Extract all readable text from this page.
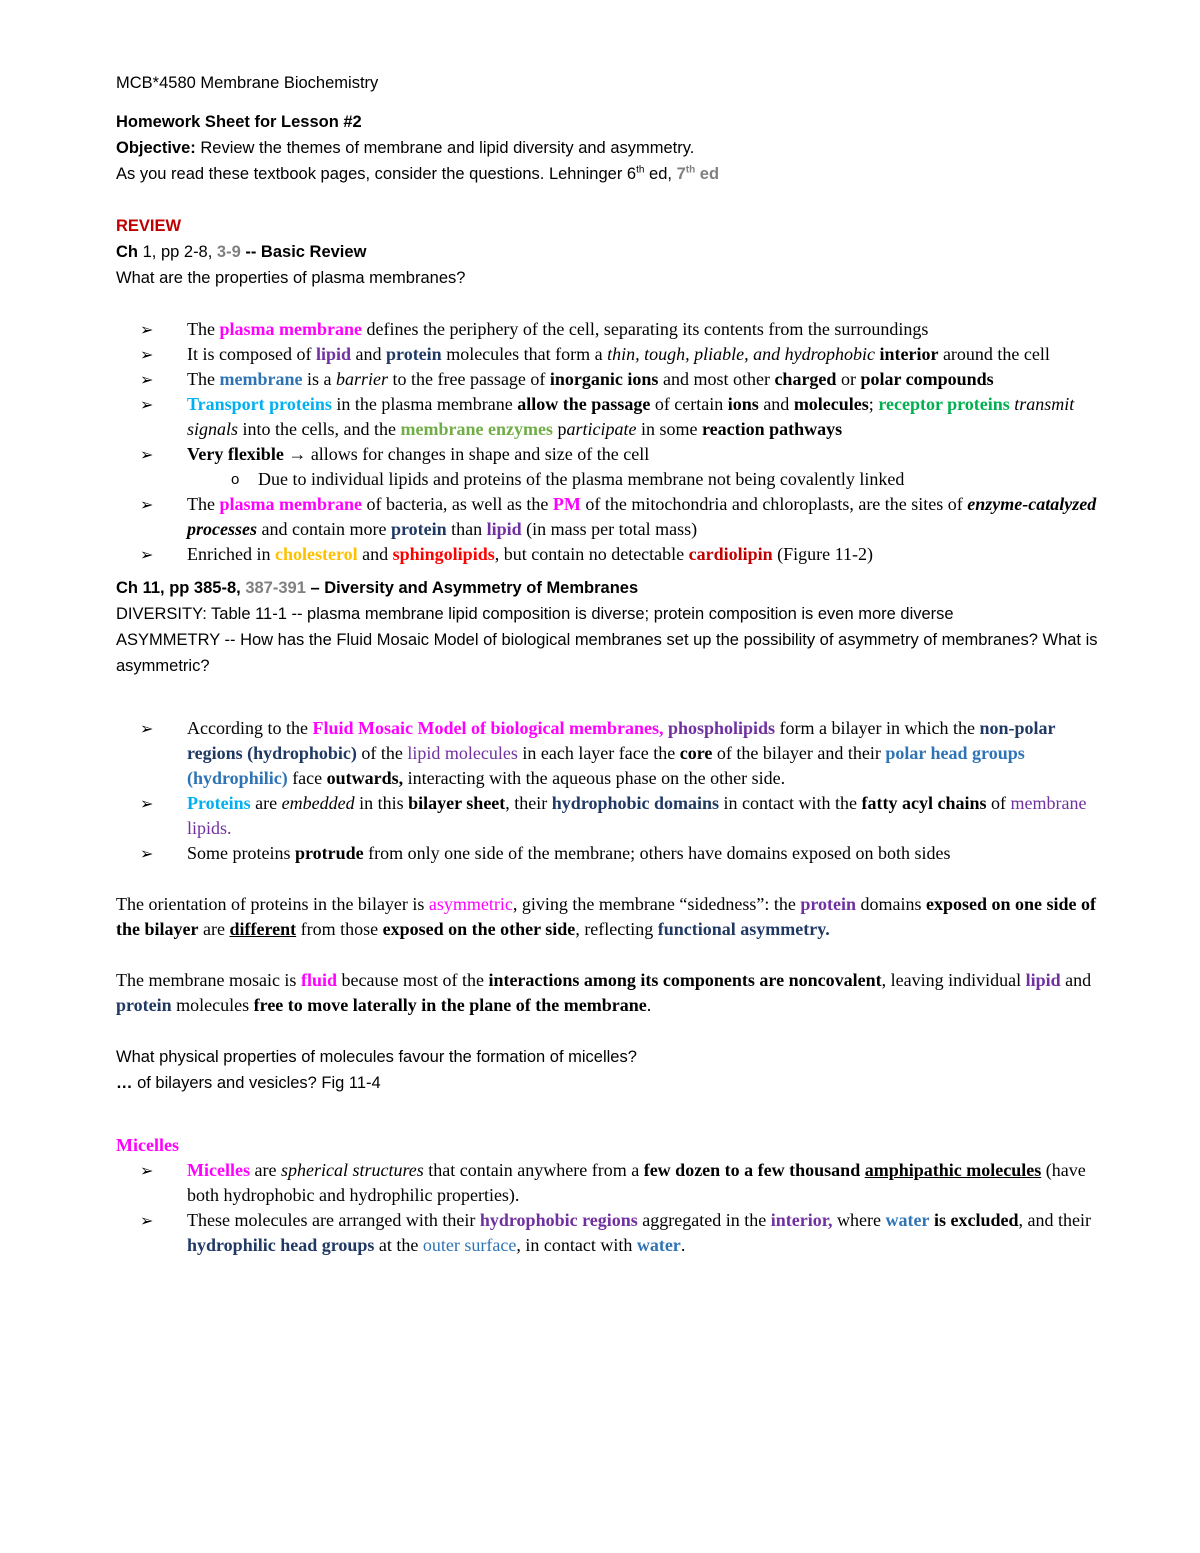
MCB*4580 Membrane Biochemistry

Homework Sheet for Lesson #2

Objective: Review the themes of membrane and lipid diversity and asymmetry.

As you read these textbook pages, consider the questions. Lehninger 6th ed, 7th ed

REVIEW

Ch 1, pp 2-8, 3-9 -- Basic Review

What are the properties of plasma membranes?

➢ The plasma membrane defines the periphery of the cell, separating its contents from the surroundings
➢ It is composed of lipid and protein molecules that form a thin, tough, pliable, and hydrophobic interior around the cell
➢ The membrane is a barrier to the free passage of inorganic ions and most other charged or polar compounds
➢ Transport proteins in the plasma membrane allow the passage of certain ions and molecules; receptor proteins transmit signals into the cells, and the membrane enzymes participate in some reaction pathways
➢ Very flexible → allows for changes in shape and size of the cell
o Due to individual lipids and proteins of the plasma membrane not being covalently linked
➢ The plasma membrane of bacteria, as well as the PM of the mitochondria and chloroplasts, are the sites of enzyme-catalyzed processes and contain more protein than lipid (in mass per total mass)
➢ Enriched in cholesterol and sphingolipids, but contain no detectable cardiolipin (Figure 11-2)

Ch 11, pp 385-8, 387-391 – Diversity and Asymmetry of Membranes

DIVERSITY: Table 11-1 -- plasma membrane lipid composition is diverse; protein composition is even more diverse

ASYMMETRY -- How has the Fluid Mosaic Model of biological membranes set up the possibility of asymmetry of membranes? What is asymmetric?

➢ According to the Fluid Mosaic Model of biological membranes, phospholipids form a bilayer in which the non-polar regions (hydrophobic) of the lipid molecules in each layer face the core of the bilayer and their polar head groups (hydrophilic) face outwards, interacting with the aqueous phase on the other side.
➢ Proteins are embedded in this bilayer sheet, their hydrophobic domains in contact with the fatty acyl chains of membrane lipids.
➢ Some proteins protrude from only one side of the membrane; others have domains exposed on both sides

The orientation of proteins in the bilayer is asymmetric, giving the membrane “sidedness”: the protein domains exposed on one side of the bilayer are different from those exposed on the other side, reflecting functional asymmetry.

The membrane mosaic is fluid because most of the interactions among its components are noncovalent, leaving individual lipid and protein molecules free to move laterally in the plane of the membrane.

What physical properties of molecules favour the formation of micelles?

… of bilayers and vesicles? Fig 11-4

Micelles

➢ Micelles are spherical structures that contain anywhere from a few dozen to a few thousand amphipathic molecules (have both hydrophobic and hydrophilic properties).
➢ These molecules are arranged with their hydrophobic regions aggregated in the interior, where water is excluded, and their hydrophilic head groups at the outer surface, in contact with water.
